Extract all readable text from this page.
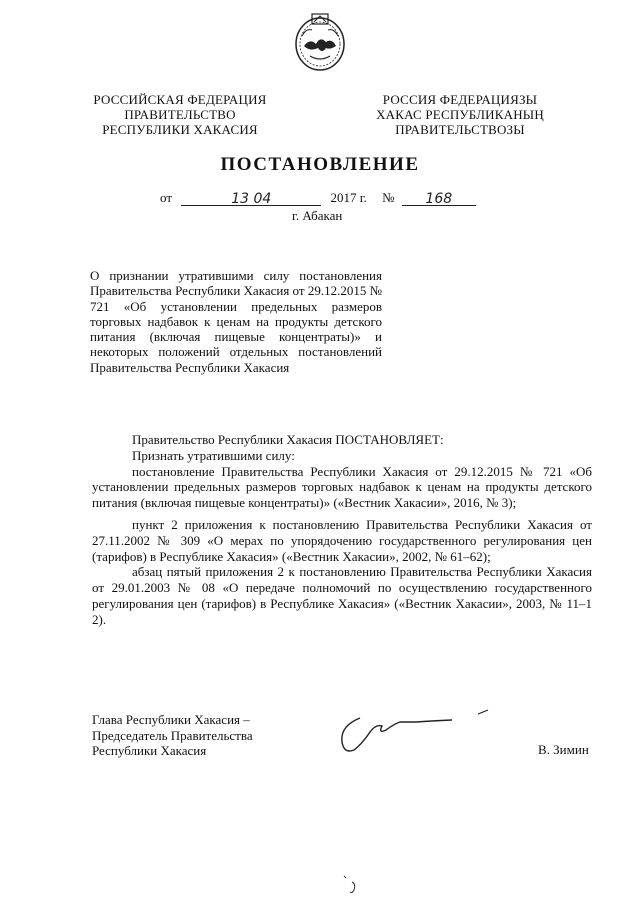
РОССИЙСКАЯ ФЕДЕРАЦИЯ
ПРАВИТЕЛЬСТВО
РЕСПУБЛИКИ ХАКАСИЯ
РОССИЯ ФЕДЕРАЦИЯЗЫ
ХАКАС РЕСПУБЛИКАНЫҢ
ПРАВИТЕЛЬСТВОЗЫ
ПОСТАНОВЛЕНИЕ
от	13 04	2017 г. № 168
г. Абакан
О признании утратившими силу постановления Правительства Республики Хакасия от 29.12.2015 № 721 «Об установлении предельных размеров торговых надбавок к ценам на продукты детского питания (включая пищевые концентраты)» и некоторых положений отдельных постановлений Правительства Республики Хакасия

Правительство Республики Хакасия ПОСТАНОВЛЯЕТ:

Признать утратившими силу:

постановление Правительства Республики Хакасия от 29.12.2015 № 721 «Об установлении предельных размеров торговых надбавок к ценам на продукты детского питания (включая пищевые концентраты)» («Вестник Хакасии», 2016, № 3);

пункт 2 приложения к постановлению Правительства Республики Хакасия от 27.11.2002 № 309 «О мерах по упорядочению государственного регулирования цен (тарифов) в Республике Хакасия» («Вестник Хакасии», 2002, № 61–62);

абзац пятый приложения 2 к постановлению Правительства Республики Хакасия от 29.01.2003 № 08 «О передаче полномочий по осуществлению государственного регулирования цен (тарифов) в Республике Хакасия» («Вестник Хакасии», 2003, № 11–1 2).

Глава Республики Хакасия –
Председатель Правительства
Республики Хакасия	В. Зимин
